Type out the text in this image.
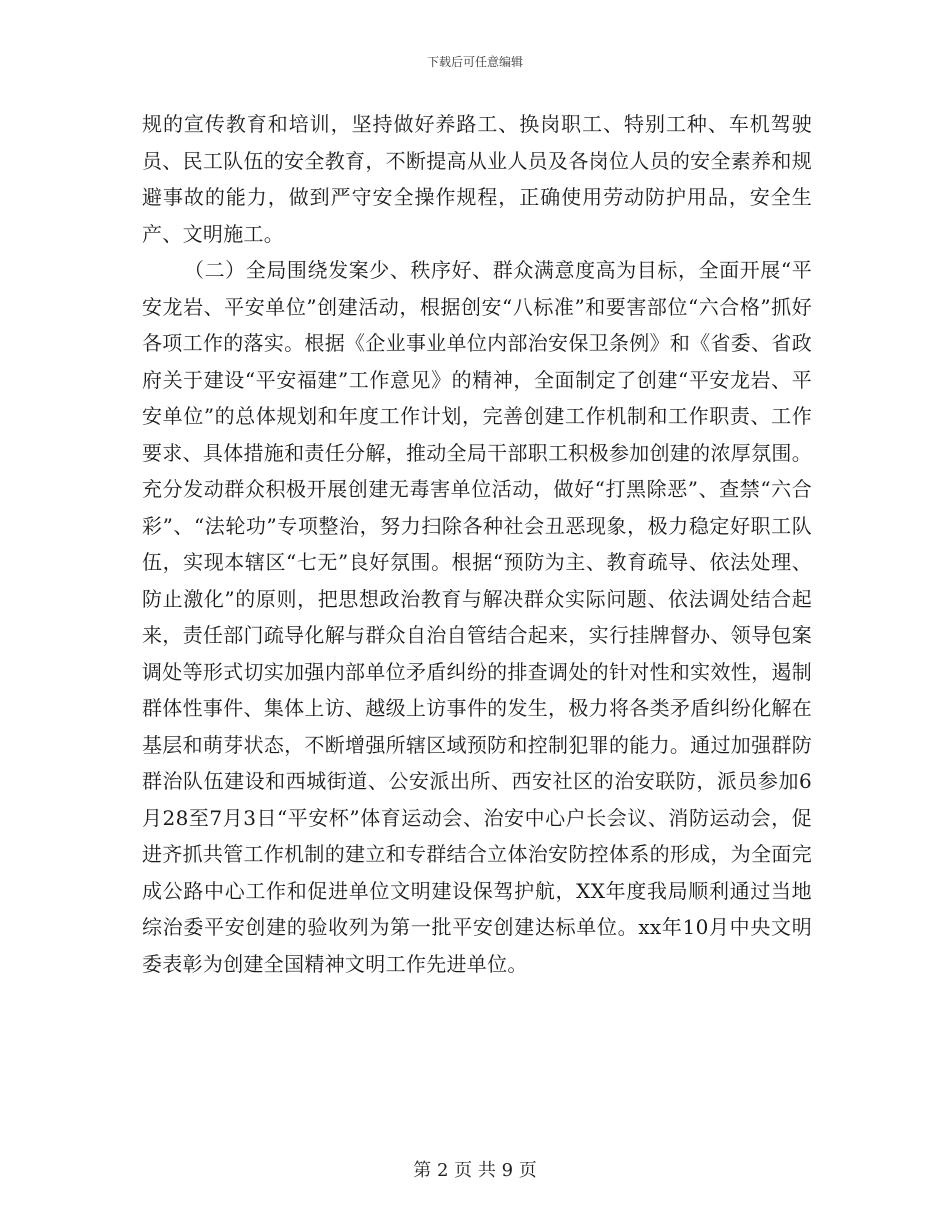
下载后可任意编辑

规的宣传教育和培训，坚持做好养路工、换岗职工、特别工种、车机驾驶员、民工队伍的安全教育，不断提高从业人员及各岗位人员的安全素养和规避事故的能力，做到严守安全操作规程，正确使用劳动防护用品，安全生产、文明施工。

（二）全局围绕发案少、秩序好、群众满意度高为目标，全面开展“平安龙岩、平安单位”创建活动，根据创安“八标准”和要害部位“六合格”抓好各项工作的落实。根据《企业事业单位内部治安保卫条例》和《省委、省政府关于建设“平安福建”工作意见》的精神，全面制定了创建“平安龙岩、平安单位”的总体规划和年度工作计划，完善创建工作机制和工作职责、工作要求、具体措施和责任分解，推动全局干部职工积极参加创建的浓厚氛围。充分发动群众积极开展创建无毒害单位活动，做好“打黑除恶”、查禁“六合彩”、“法轮功”专项整治，努力扫除各种社会丑恶现象，极力稳定好职工队伍，实现本辖区“七无”良好氛围。根据“预防为主、教育疏导、依法处理、防止激化”的原则，把思想政治教育与解决群众实际问题、依法调处结合起来，责任部门疏导化解与群众自治自管结合起来，实行挂牌督办、领导包案调处等形式切实加强内部单位矛盾纠纷的排查调处的针对性和实效性，遏制群体性事件、集体上访、越级上访事件的发生，极力将各类矛盾纠纷化解在基层和萌芽状态，不断增强所辖区域预防和控制犯罪的能力。通过加强群防群治队伍建设和西城街道、公安派出所、西安社区的治安联防，派员参加6月28至7月3日“平安杯”体育运动会、治安中心户长会议、消防运动会，促进齐抓共管工作机制的建立和专群结合立体治安防控体系的形成，为全面完成公路中心工作和促进单位文明建设保驾护航，XX年度我局顺利通过当地综治委平安创建的验收列为第一批平安创建达标单位。xx年10月中央文明委表彰为创建全国精神文明工作先进单位。

第 2 页 共 9 页
